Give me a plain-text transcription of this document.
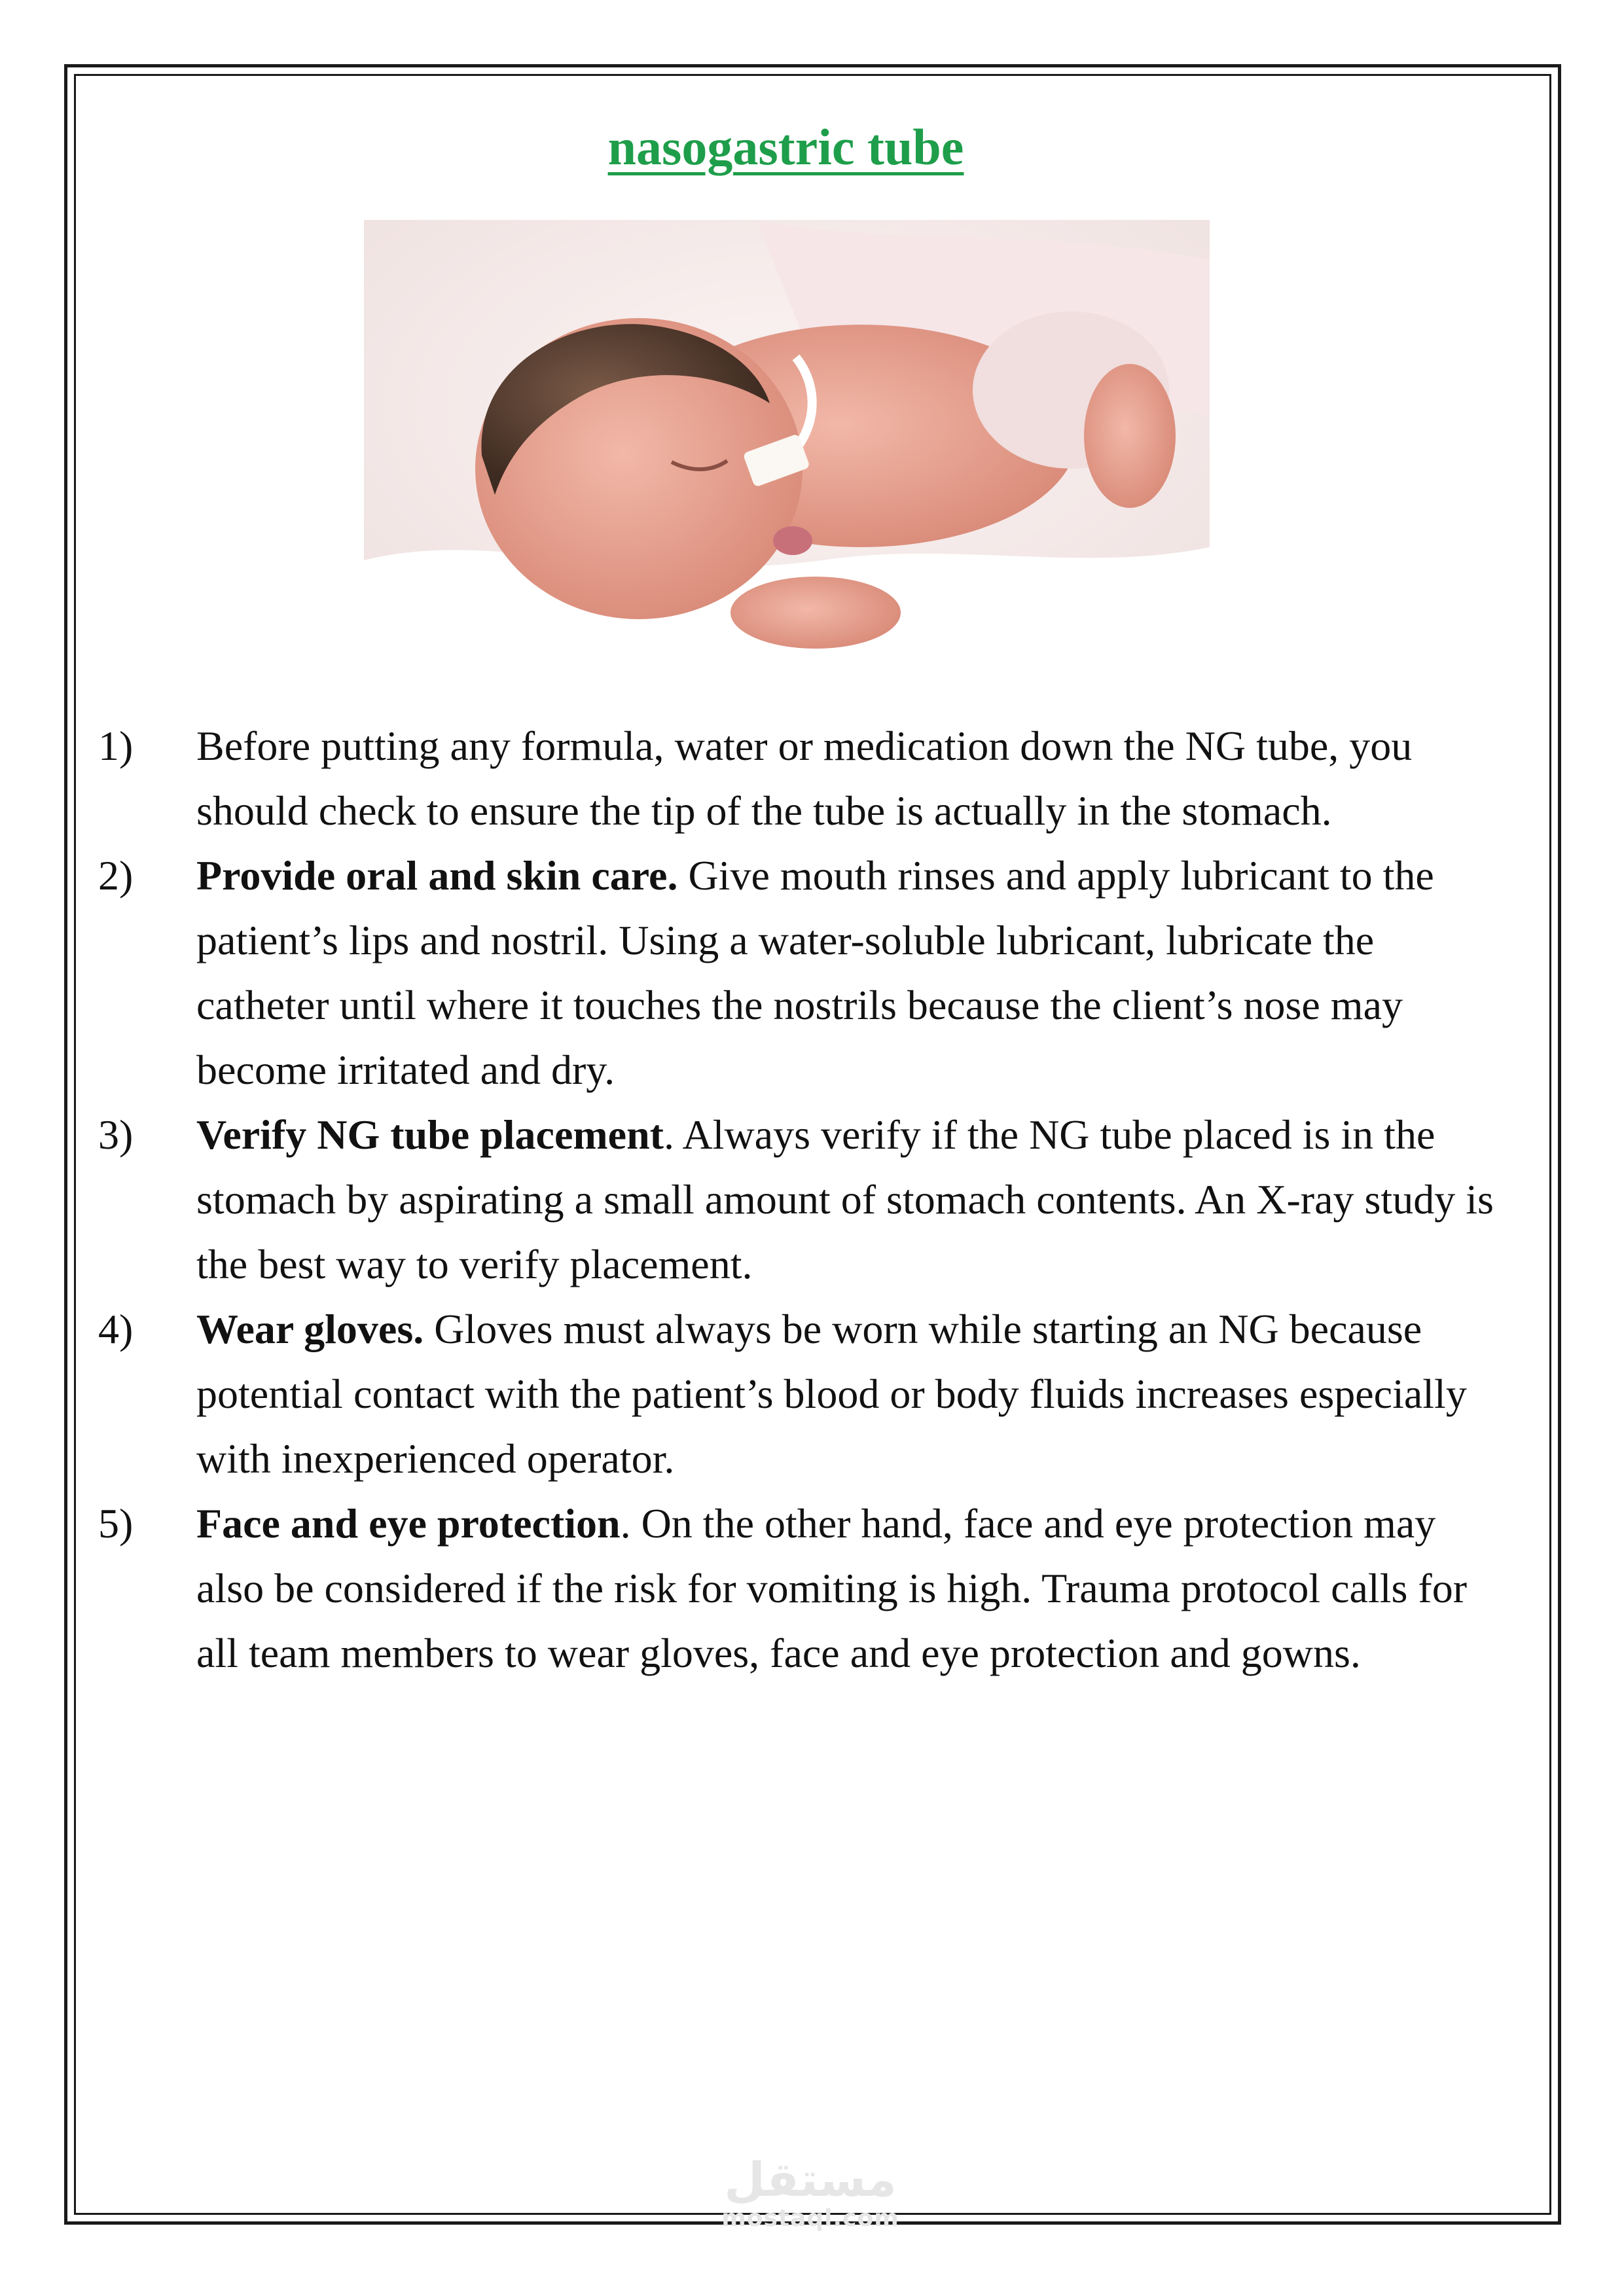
nasogastric tube
1)	Before putting any formula, water or medication down the NG tube, you should check to ensure the tip of the tube is actually in the stomach.
2)	Provide oral and skin care. Give mouth rinses and apply lubricant to the patient’s lips and nostril. Using a water-soluble lubricant, lubricate the catheter until where it touches the nostrils because the client’s nose may become irritated and dry.
3)	Verify NG tube placement. Always verify if the NG tube placed is in the stomach by aspirating a small amount of stomach contents. An X-ray study is the best way to verify placement.
4)	Wear gloves. Gloves must always be worn while starting an NG because potential contact with the patient’s blood or body fluids increases especially with inexperienced operator.
5)	Face and eye protection. On the other hand, face and eye protection may also be considered if the risk for vomiting is high. Trauma protocol calls for all team members to wear gloves, face and eye protection and gowns.
مستقل
mostaql.com
